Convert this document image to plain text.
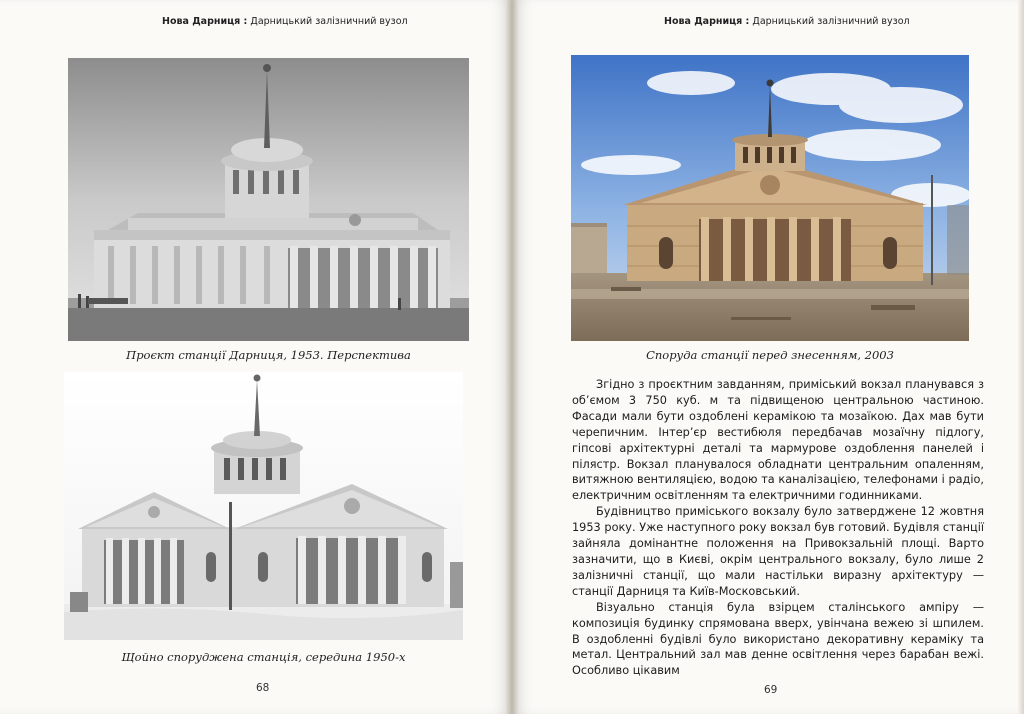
Нова Дарниця : Дарницький залізничний вузол
Проєкт станції Дарниця, 1953. Перспектива
Щойно споруджена станція, середина 1950-х
68
Нова Дарниця : Дарницький залізничний вузол
Споруда станції перед знесенням, 2003

Згідно з проєктним завданням, приміський вокзал планувався з об’ємом 3 750 куб. м та підвищеною центральною частиною. Фасади мали бути оздоблені керамікою та мозаїкою. Дах мав бути черепичним. Інтер’єр вестибюля передбачав мозаїчну підлогу, гіпсові архітектурні деталі та мармурове оздоблення панелей і пілястр. Вокзал планувалося обладнати центральним опаленням, витяжною вентиляцією, водою та каналізацією, телефонами і радіо, електричним освітленням та електричними годинниками.

Будівництво приміського вокзалу було затверджене 12 жовтня 1953 року. Уже наступного року вокзал був готовий. Будівля станції зайняла домінантне положення на Привокзальній площі. Варто зазначити, що в Києві, окрім центрального вокзалу, було лише 2 залізничні станції, що мали настільки виразну архітектуру — станції Дарниця та Київ-Московський.

Візуально станція була взірцем сталінського ампіру — композиція будинку спрямована вверх, увінчана вежею зі шпилем. В оздобленні будівлі було використано декоративну кераміку та метал. Центральний зал мав денне освітлення через барабан вежі. Особливо цікавим

69
